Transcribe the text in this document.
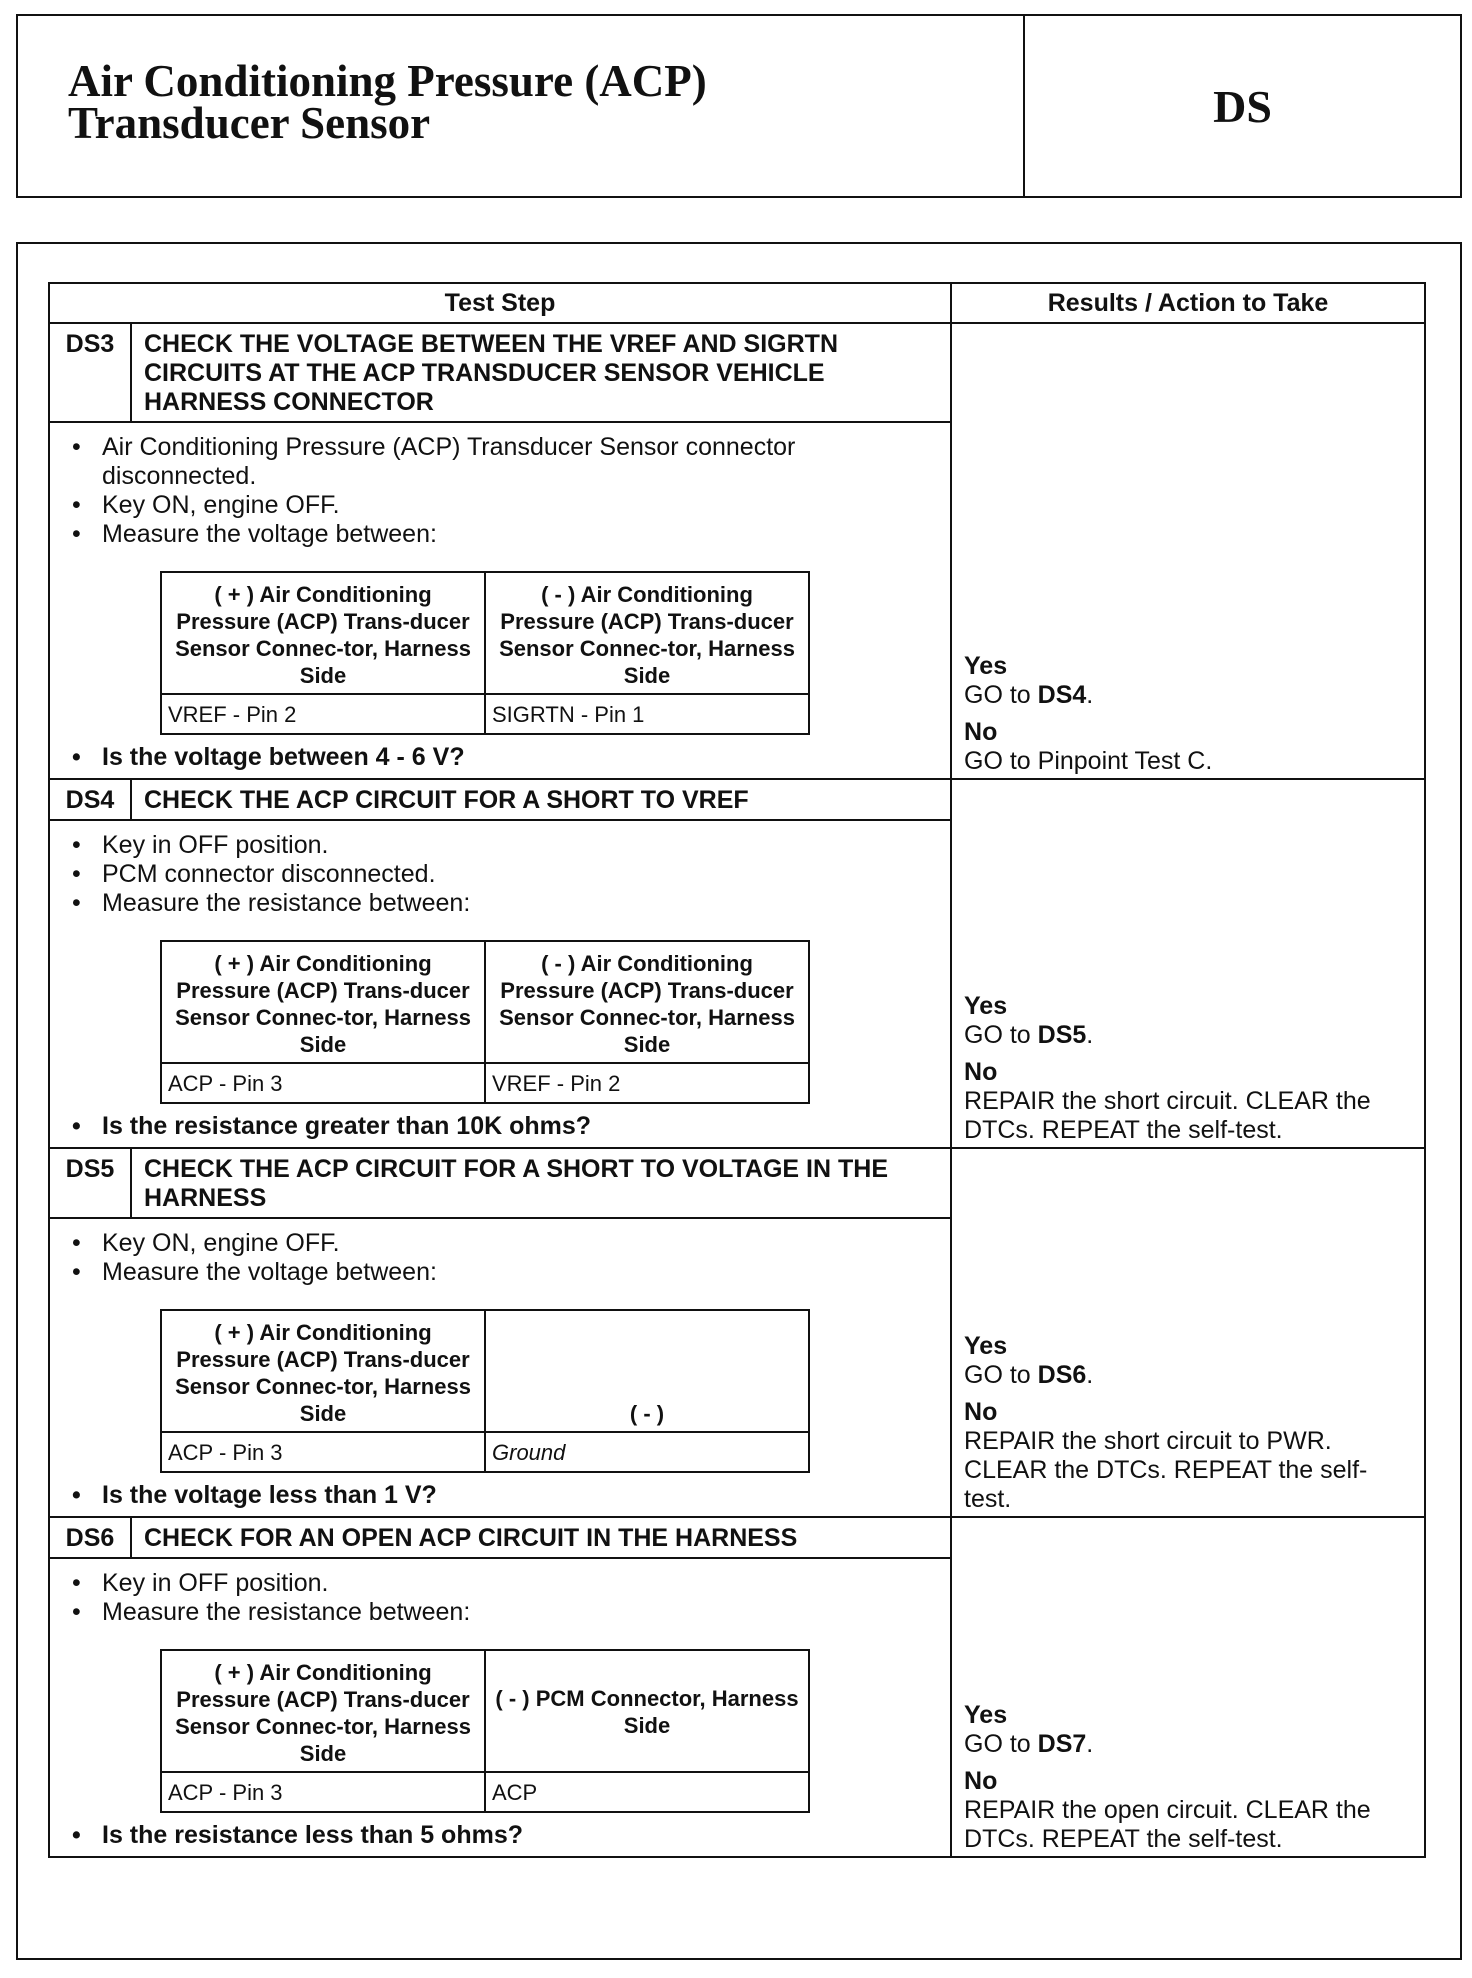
Air Conditioning Pressure (ACP)
Transducer Sensor	DS
Test Step	Results / Action to Take
DS3	CHECK THE VOLTAGE BETWEEN THE VREF AND SIGRTN CIRCUITS AT THE ACP TRANSDUCER SENSOR VEHICLE HARNESS CONNECTOR	
Yes
GO to DS4.
No
GO to Pinpoint Test C.

• Air Conditioning Pressure (ACP) Transducer Sensor connector disconnected.
• Key ON, engine OFF.
• Measure the voltage between:
( + ) Air Conditioning Pressure (ACP) Trans-ducer Sensor Connec-tor, Harness Side	( - ) Air Conditioning Pressure (ACP) Trans-ducer Sensor Connec-tor, Harness Side
VREF - Pin 2	SIGRTN - Pin 1
• Is the voltage between 4 - 6 V?

DS4	CHECK THE ACP CIRCUIT FOR A SHORT TO VREF	
Yes
GO to DS5.
No
REPAIR the short circuit. CLEAR the DTCs. REPEAT the self-test.

• Key in OFF position.
• PCM connector disconnected.
• Measure the resistance between:
( + ) Air Conditioning Pressure (ACP) Trans-ducer Sensor Connec-tor, Harness Side	( - ) Air Conditioning Pressure (ACP) Trans-ducer Sensor Connec-tor, Harness Side
ACP - Pin 3	VREF - Pin 2
• Is the resistance greater than 10K ohms?

DS5	CHECK THE ACP CIRCUIT FOR A SHORT TO VOLTAGE IN THE HARNESS	
Yes
GO to DS6.
No
REPAIR the short circuit to PWR. CLEAR the DTCs. REPEAT the self-test.

• Key ON, engine OFF.
• Measure the voltage between:
( + ) Air Conditioning Pressure (ACP) Trans-ducer Sensor Connec-tor, Harness Side	( - )
ACP - Pin 3	Ground
• Is the voltage less than 1 V?

DS6	CHECK FOR AN OPEN ACP CIRCUIT IN THE HARNESS	
Yes
GO to DS7.
No
REPAIR the open circuit. CLEAR the DTCs. REPEAT the self-test.

• Key in OFF position.
• Measure the resistance between:
( + ) Air Conditioning Pressure (ACP) Trans-ducer Sensor Connec-tor, Harness Side	( - ) PCM Connector, Harness Side
ACP - Pin 3	ACP
• Is the resistance less than 5 ohms?
